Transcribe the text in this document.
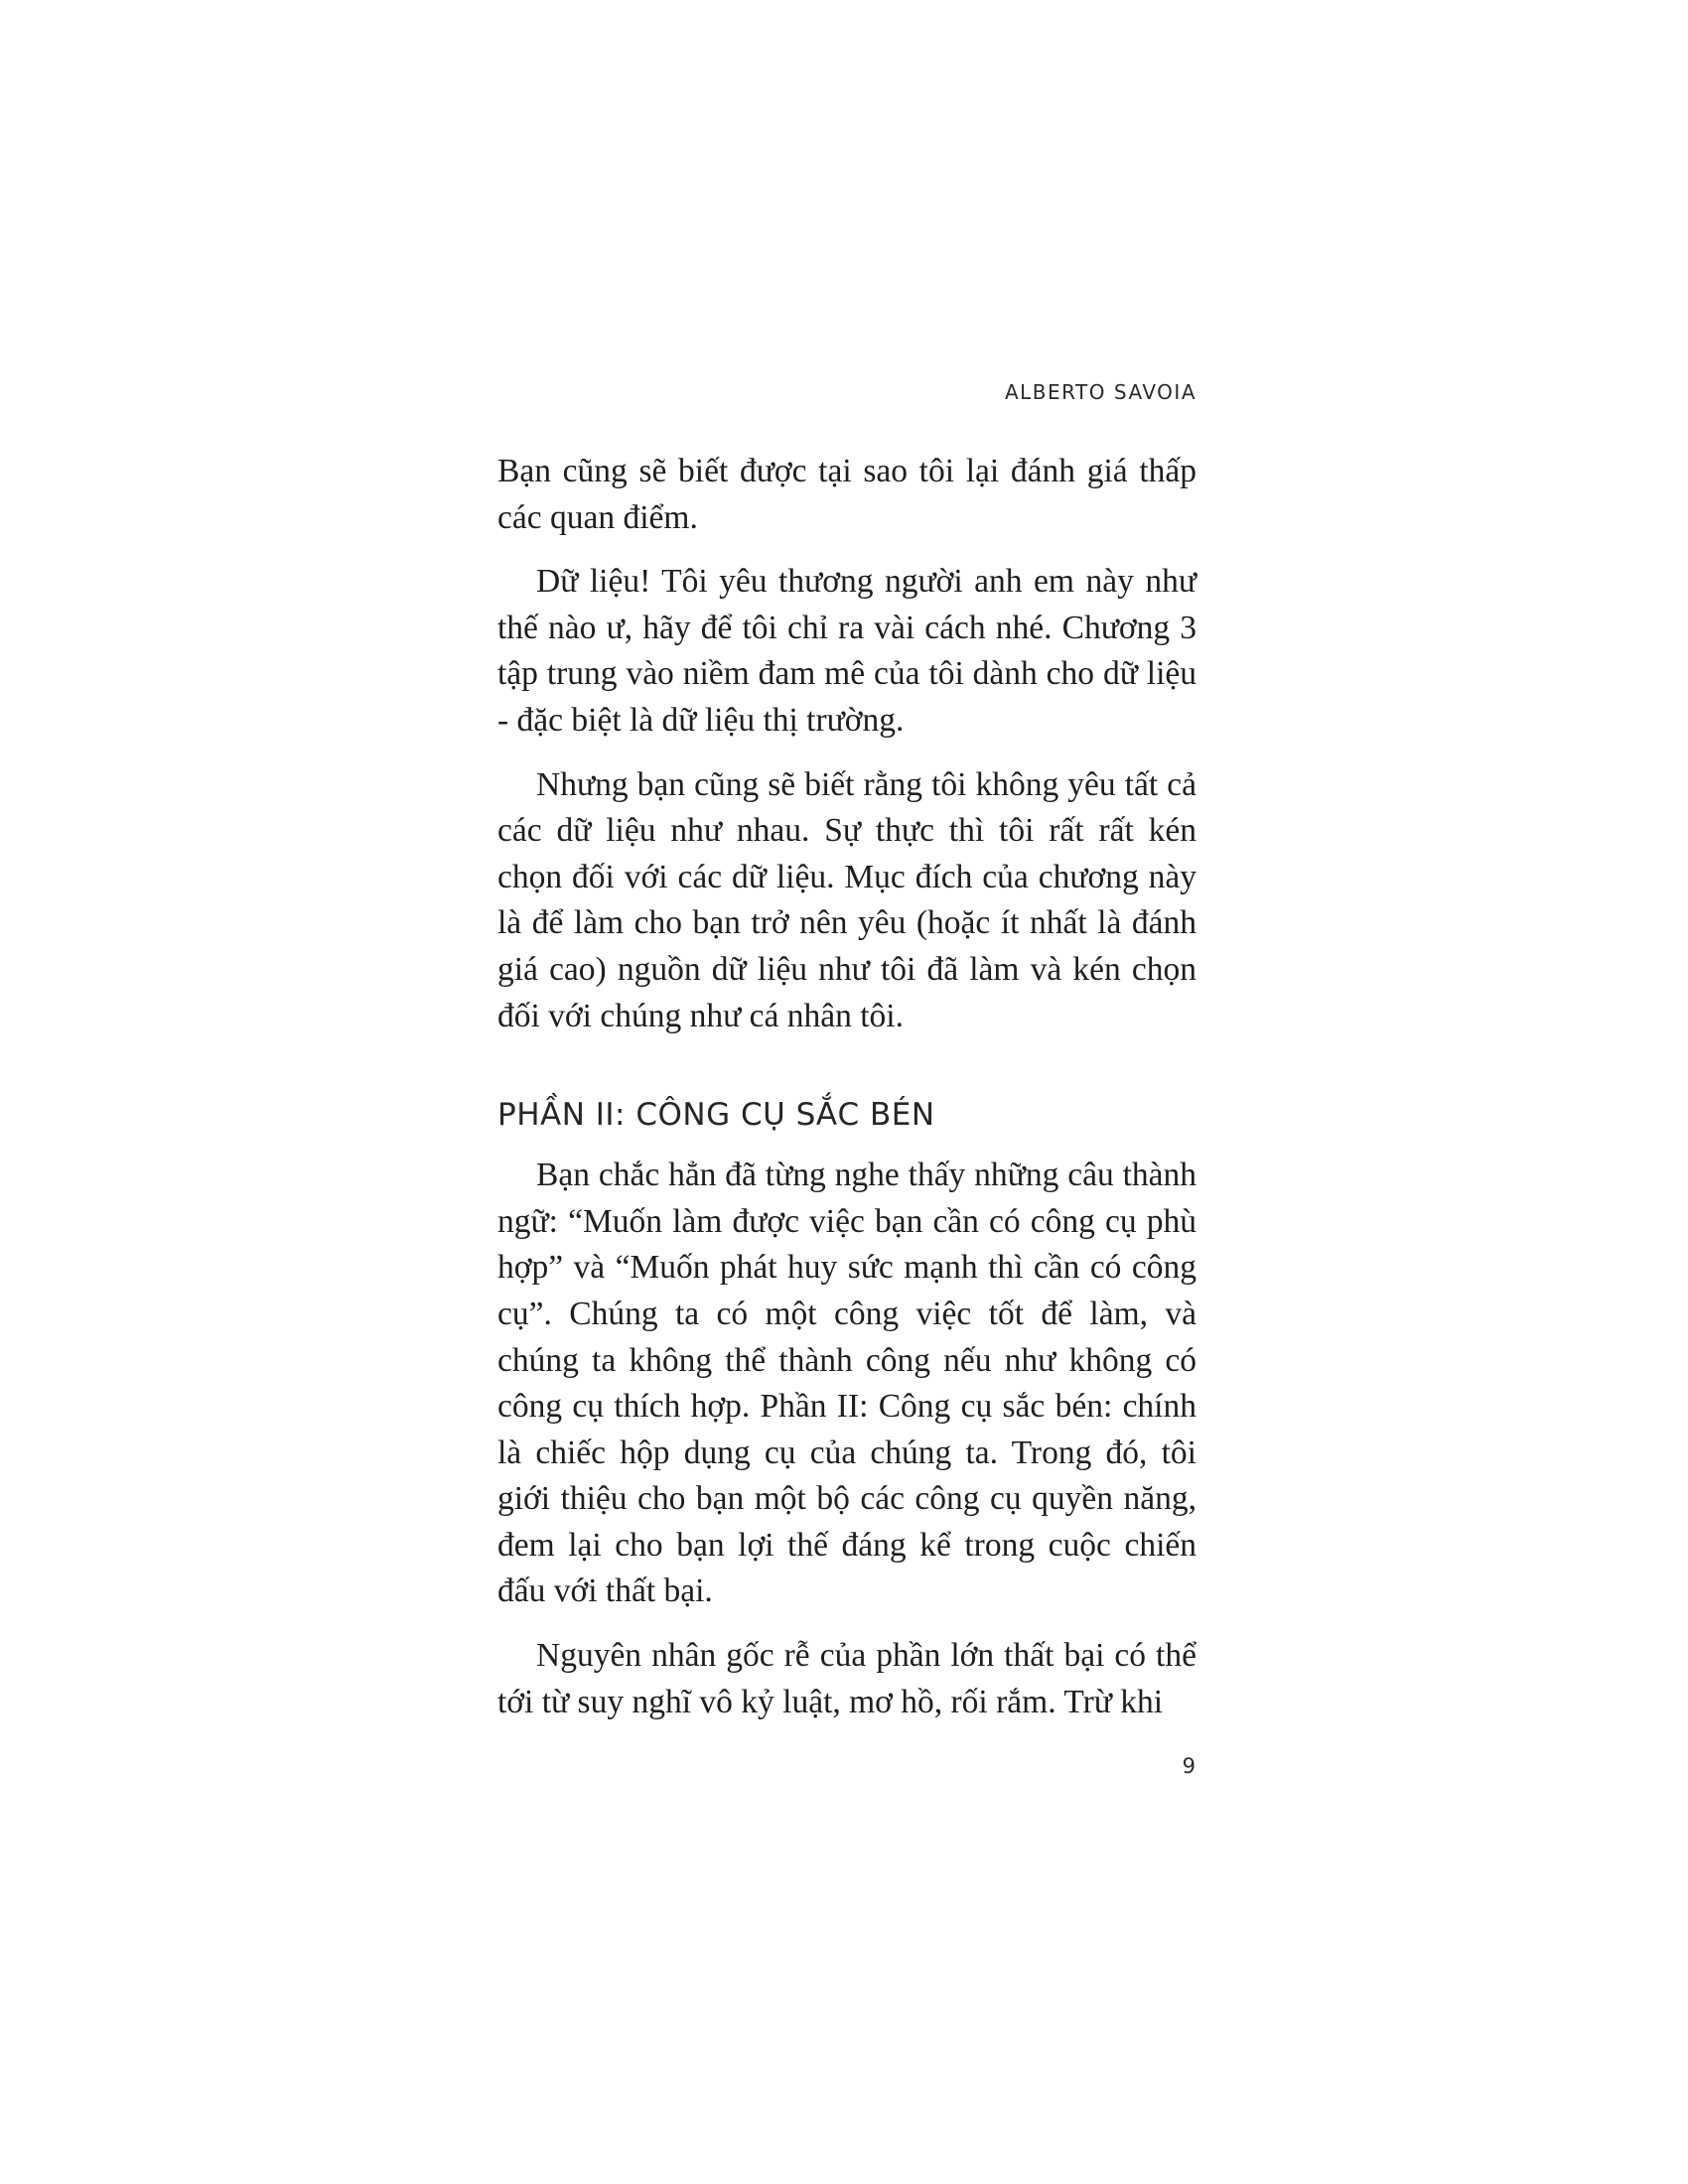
ALBERTO SAVOIA

Bạn cũng sẽ biết được tại sao tôi lại đánh giá thấp các quan điểm.

Dữ liệu! Tôi yêu thương người anh em này như thế nào ư, hãy để tôi chỉ ra vài cách nhé. Chương 3 tập trung vào niềm đam mê của tôi dành cho dữ liệu - đặc biệt là dữ liệu thị trường.

Nhưng bạn cũng sẽ biết rằng tôi không yêu tất cả các dữ liệu như nhau. Sự thực thì tôi rất rất kén chọn đối với các dữ liệu. Mục đích của chương này là để làm cho bạn trở nên yêu (hoặc ít nhất là đánh giá cao) nguồn dữ liệu như tôi đã làm và kén chọn đối với chúng như cá nhân tôi.

PHẦN II: CÔNG CỤ SẮC BÉN

Bạn chắc hẳn đã từng nghe thấy những câu thành ngữ: “Muốn làm được việc bạn cần có công cụ phù hợp” và “Muốn phát huy sức mạnh thì cần có công cụ”. Chúng ta có một công việc tốt để làm, và chúng ta không thể thành công nếu như không có công cụ thích hợp. Phần II: Công cụ sắc bén: chính là chiếc hộp dụng cụ của chúng ta. Trong đó, tôi giới thiệu cho bạn một bộ các công cụ quyền năng, đem lại cho bạn lợi thế đáng kể trong cuộc chiến đấu với thất bại.

Nguyên nhân gốc rễ của phần lớn thất bại có thể tới từ suy nghĩ vô kỷ luật, mơ hồ, rối rắm. Trừ khi

9
